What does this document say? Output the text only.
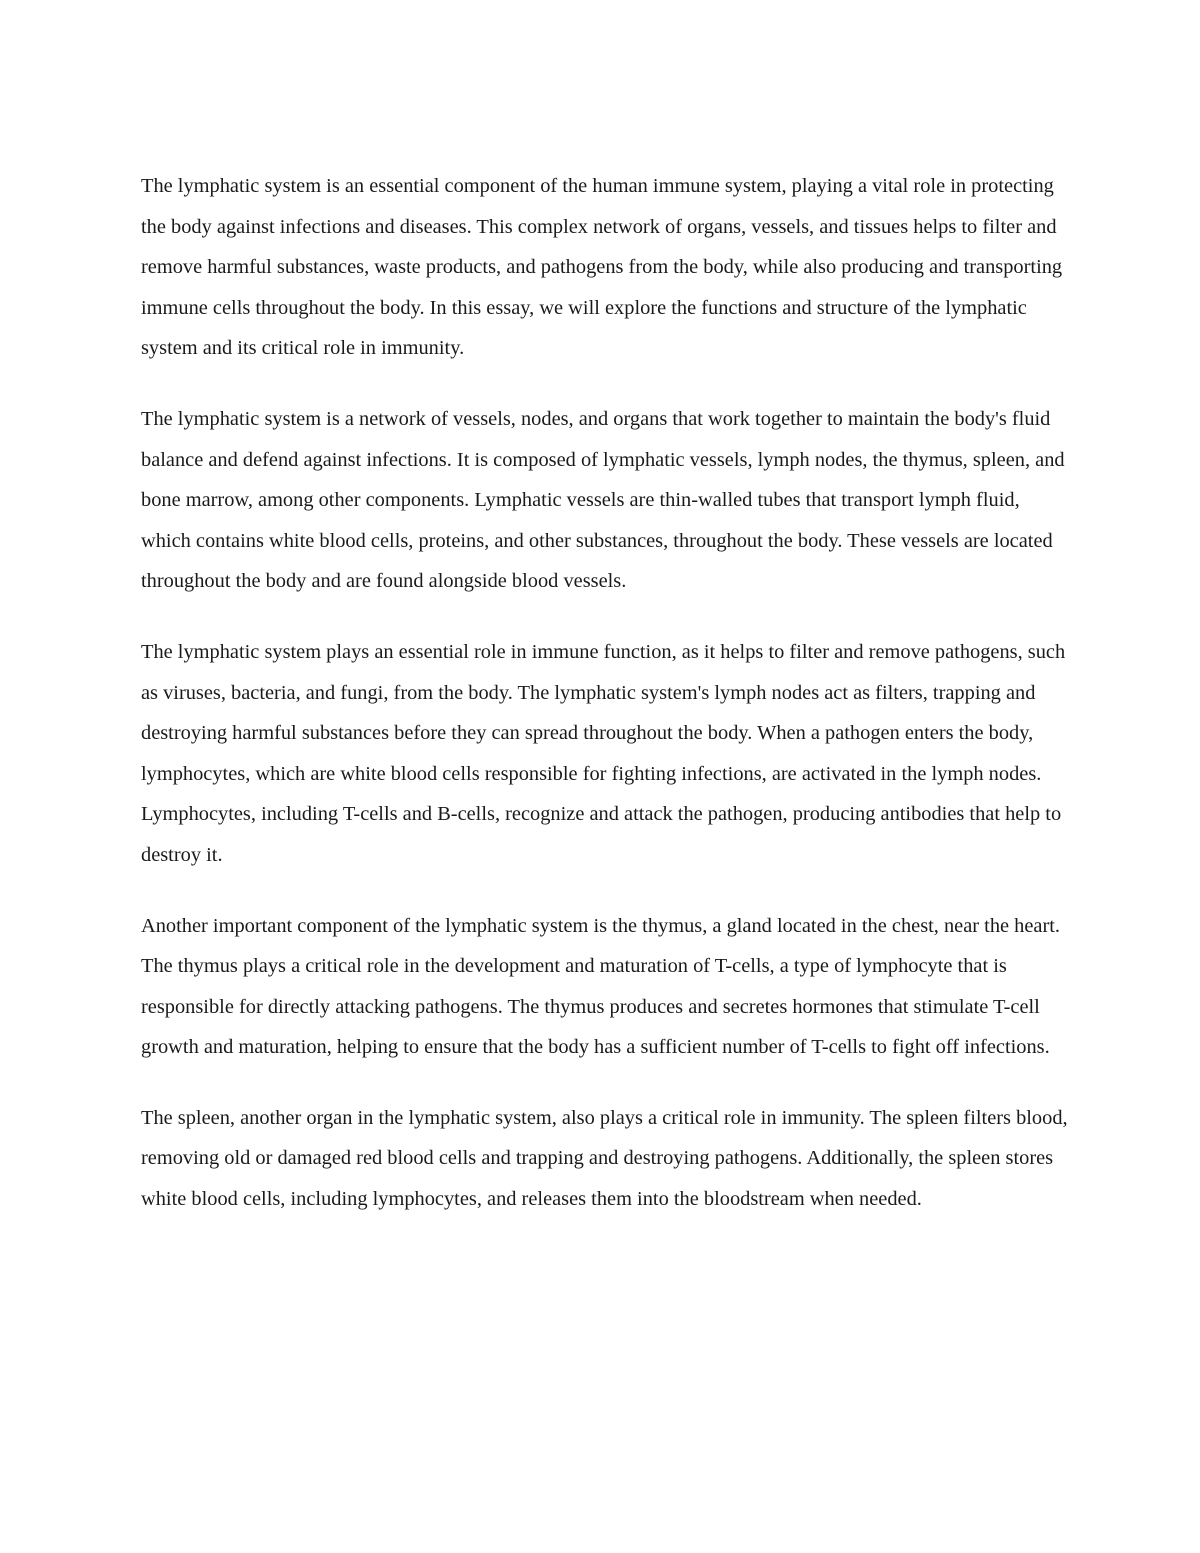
The lymphatic system is an essential component of the human immune system, playing a vital role in protecting the body against infections and diseases. This complex network of organs, vessels, and tissues helps to filter and remove harmful substances, waste products, and pathogens from the body, while also producing and transporting immune cells throughout the body. In this essay, we will explore the functions and structure of the lymphatic system and its critical role in immunity.

The lymphatic system is a network of vessels, nodes, and organs that work together to maintain the body's fluid balance and defend against infections. It is composed of lymphatic vessels, lymph nodes, the thymus, spleen, and bone marrow, among other components. Lymphatic vessels are thin-walled tubes that transport lymph fluid, which contains white blood cells, proteins, and other substances, throughout the body. These vessels are located throughout the body and are found alongside blood vessels.

The lymphatic system plays an essential role in immune function, as it helps to filter and remove pathogens, such as viruses, bacteria, and fungi, from the body. The lymphatic system's lymph nodes act as filters, trapping and destroying harmful substances before they can spread throughout the body. When a pathogen enters the body, lymphocytes, which are white blood cells responsible for fighting infections, are activated in the lymph nodes. Lymphocytes, including T-cells and B-cells, recognize and attack the pathogen, producing antibodies that help to destroy it.

Another important component of the lymphatic system is the thymus, a gland located in the chest, near the heart. The thymus plays a critical role in the development and maturation of T-cells, a type of lymphocyte that is responsible for directly attacking pathogens. The thymus produces and secretes hormones that stimulate T-cell growth and maturation, helping to ensure that the body has a sufficient number of T-cells to fight off infections.

The spleen, another organ in the lymphatic system, also plays a critical role in immunity. The spleen filters blood, removing old or damaged red blood cells and trapping and destroying pathogens. Additionally, the spleen stores white blood cells, including lymphocytes, and releases them into the bloodstream when needed.
